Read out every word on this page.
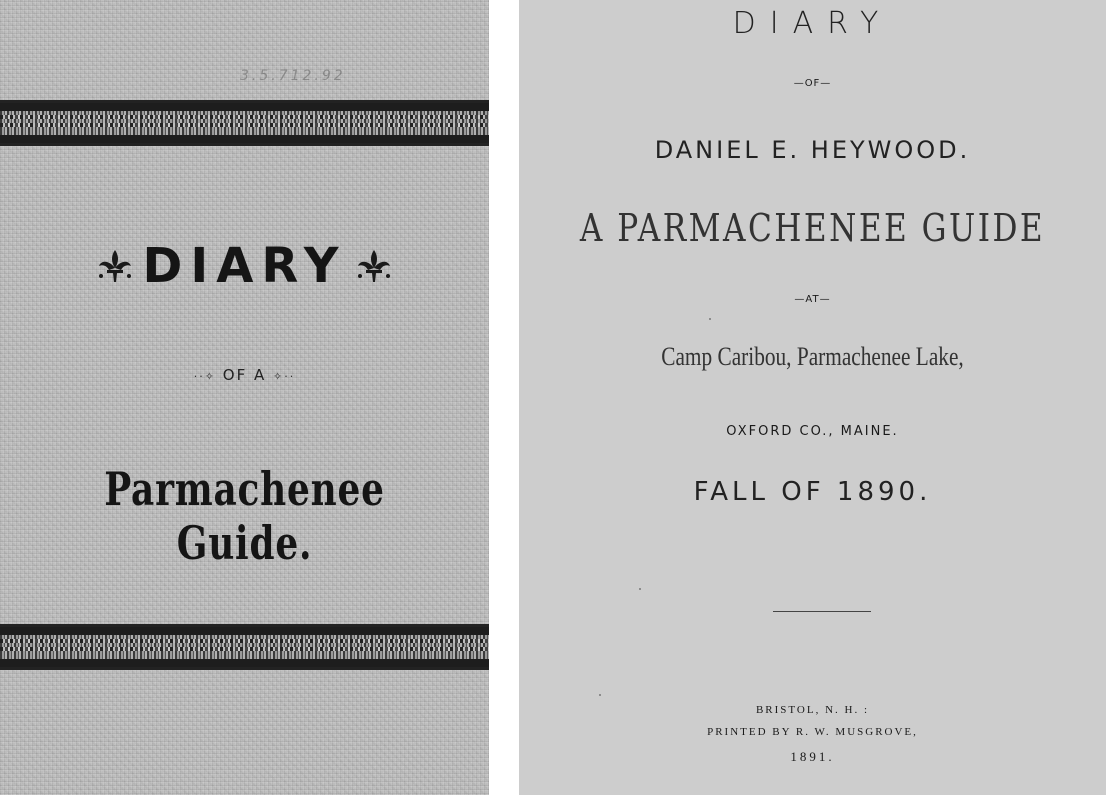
3.5.712.92
DIARY
··✧ OF A ✧··
Parmachenee Guide.
DIARY
—OF—
DANIEL E. HEYWOOD.
A PARMACHENEE GUIDE
—AT—
Camp Caribou, Parmachenee Lake,
OXFORD CO., MAINE.
FALL OF 1890.
BRISTOL, N. H. :
PRINTED BY R. W. MUSGROVE,
1891.
